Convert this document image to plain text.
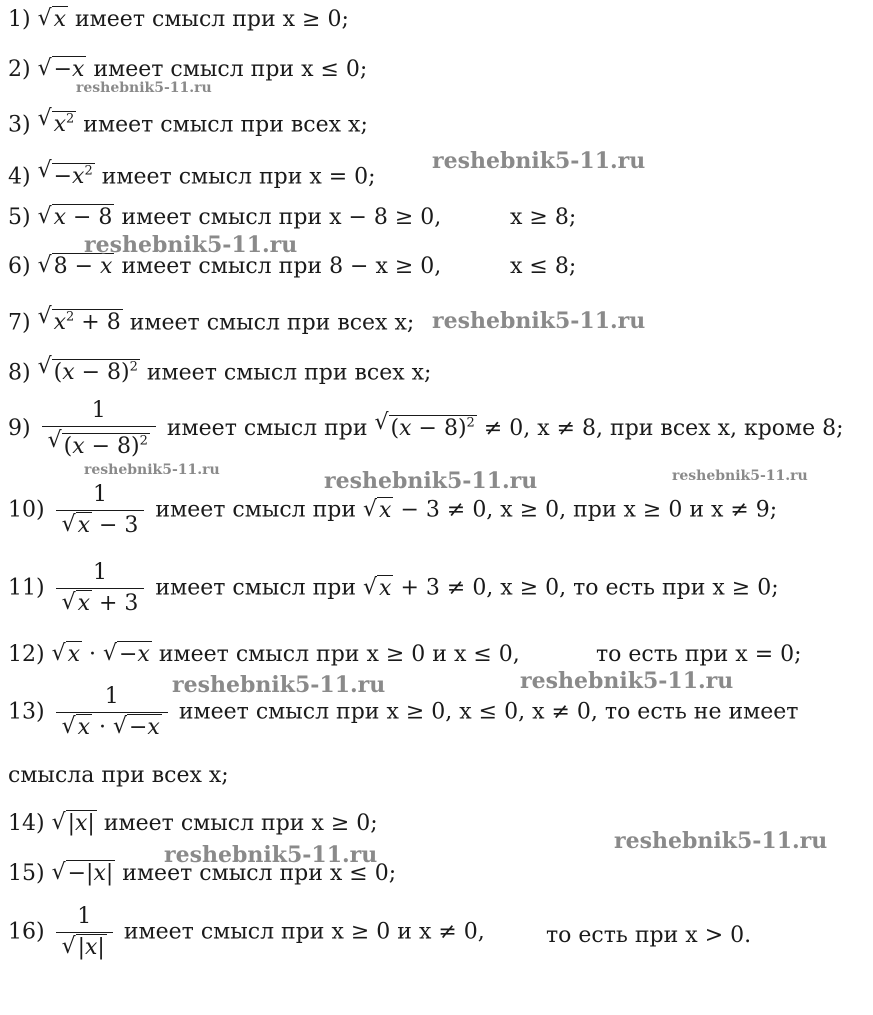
1) √ x имеет смысл при x ≥ 0;
2) √ −x имеет смысл при x ≤ 0;
3) √ $x^2$ имеет смысл при всех x;
4) √ $-x^2$ имеет смысл при x = 0;
5) √ x − 8 имеет смысл при x − 8 ≥ 0,	x ≥ 8;
6) √ 8 − x имеет смысл при 8 − x ≥ 0,	x ≤ 8;
7) √ $x^2 + 8$ имеет смысл при всех x;
8) √ $(x - 8)^2$ имеет смысл при всех x;
9) 1
√ $(x - 8)^2$ имеет смысл при √ $(x - 8)^2 \ne 0$, x ≠ 8, при всех x, кроме 8;
10) 1
√ x − 3 имеет смысл при √ x − 3 ≠ 0, x ≥ 0, при x ≥ 0 и x ≠ 9;
11) 1
√ x + 3 имеет смысл при √ x + 3 ≠ 0, x ≥ 0, то есть при x ≥ 0;
12) √ x · √ −x имеет смысл при x ≥ 0 и x ≤ 0,	то есть при x = 0;
13) 1
√ x · √ −x имеет смысл при x ≥ 0, x ≤ 0, x ≠ 0, то есть не имеет
смысла при всех x;
14) √ |x| имеет смысл при x ≥ 0;
15) √ −|x| имеет смысл при x ≤ 0;
16) 1
√ |x| имеет смысл при x ≥ 0 и x ≠ 0,	то есть при x > 0.
reshebnik5-11.ru
reshebnik5-11.ru
reshebnik5-11.ru
reshebnik5-11.ru
reshebnik5-11.ru	reshebnik5-11.ru	reshebnik5-11.ru
reshebnik5-11.ru	reshebnik5-11.ru
reshebnik5-11.ru
reshebnik5-11.ru
